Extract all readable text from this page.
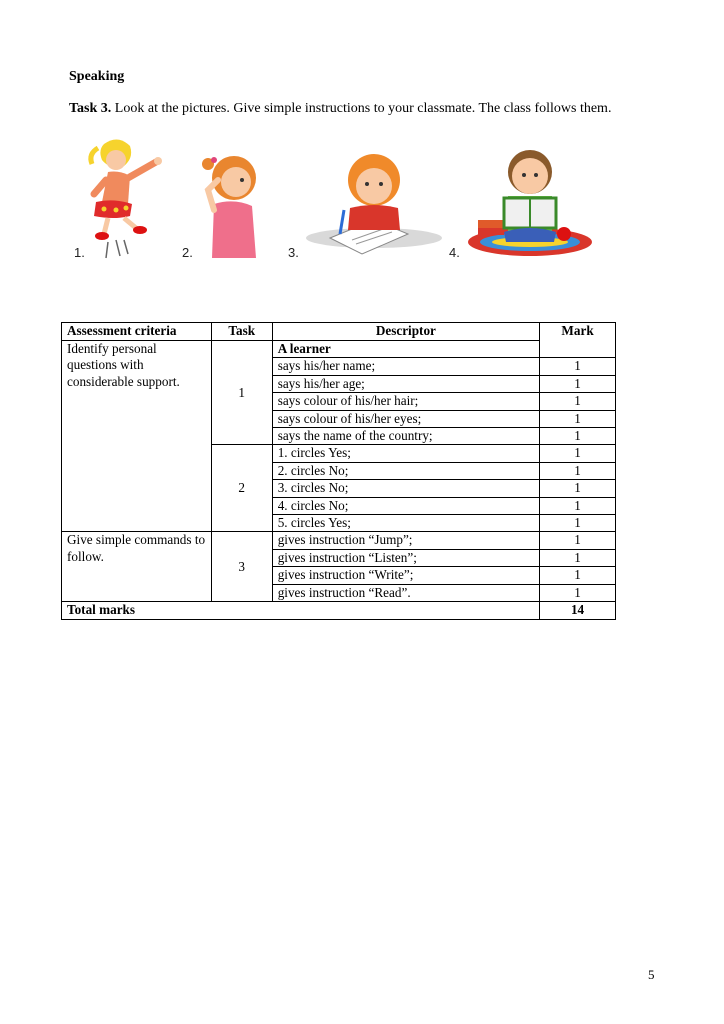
Speaking
Task 3. Look at the pictures. Give simple instructions to your classmate. The class follows them.
1.	2.	3.	4.
Assessment criteria	Task	Descriptor	Mark
Identify personal questions with considerable support.	1	A learner	
		says his/her name;	1
		says his/her age;	1
		says colour of his/her hair;	1
		says colour of his/her eyes;	1
		says the name of the country;	1
	2	1. circles Yes;	1
		2. circles No;	1
		3. circles No;	1
		4. circles No;	1
		5. circles Yes;	1
Give simple commands to follow.	3	gives instruction “Jump”;	1
		gives instruction “Listen”;	1
		gives instruction “Write”;	1
		gives instruction “Read”.	1
Total marks			14
5
